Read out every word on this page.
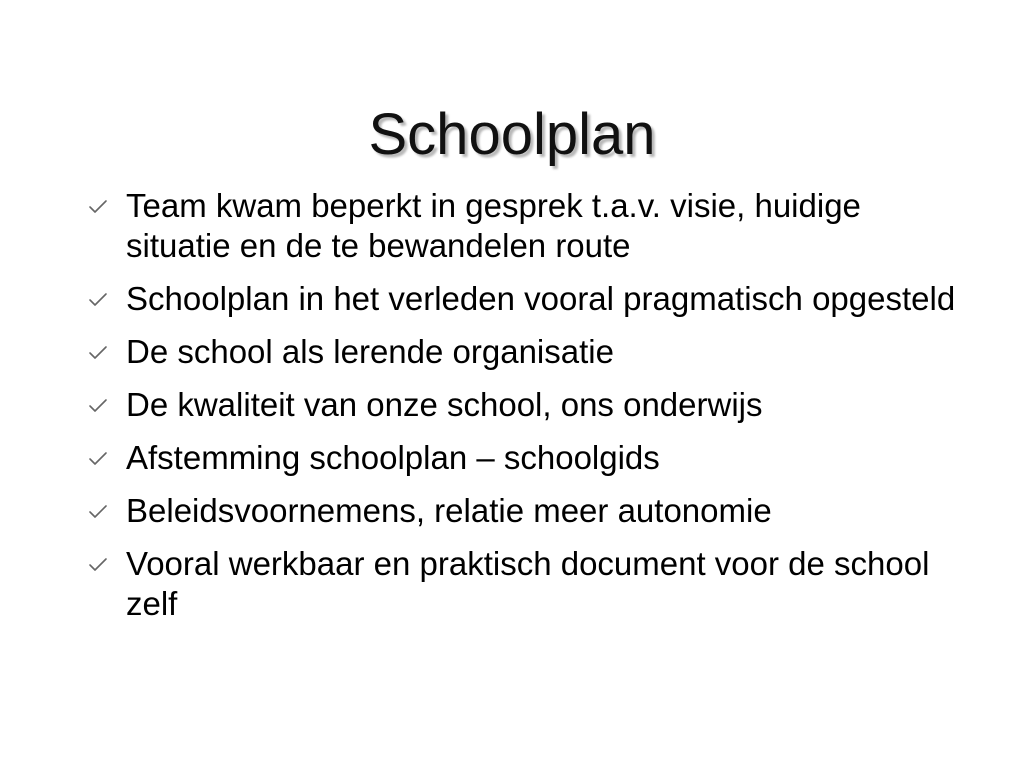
Schoolplan
Team kwam beperkt in gesprek t.a.v. visie, huidige situatie en de te bewandelen route
Schoolplan in het verleden vooral pragmatisch opgesteld
De school als lerende organisatie
De kwaliteit van onze school, ons onderwijs
Afstemming schoolplan – schoolgids
Beleidsvoornemens, relatie meer autonomie
Vooral werkbaar en praktisch document voor de school zelf
